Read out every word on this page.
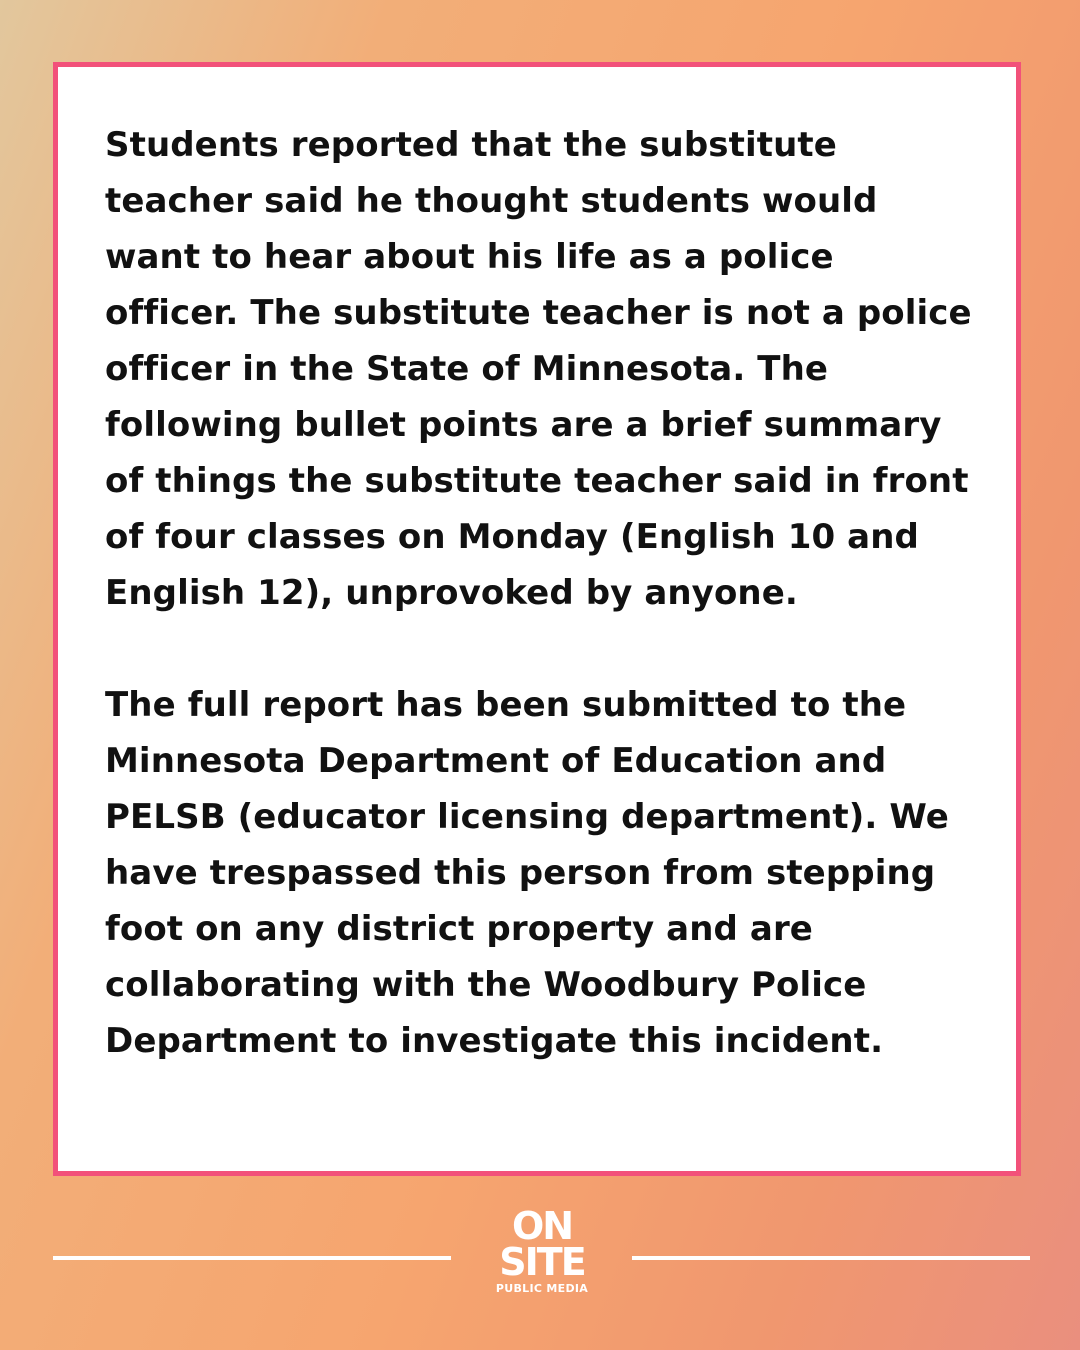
Students reported that the substitute teacher said he thought students would want to hear about his life as a police officer. The substitute teacher is not a police officer in the State of Minnesota. The following bullet points are a brief summary of things the substitute teacher said in front of four classes on Monday (English 10 and English 12), unprovoked by anyone.

The full report has been submitted to the Minnesota Department of Education and PELSB (educator licensing department). We have trespassed this person from stepping foot on any district property and are collaborating with the Woodbury Police Department to investigate this incident.

ON
SITE
PUBLIC MEDIA
